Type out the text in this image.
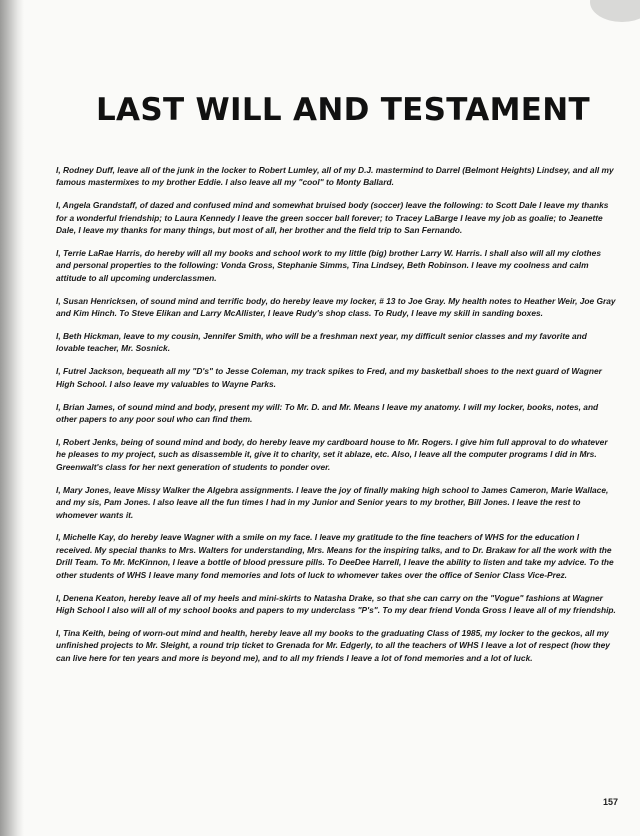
LAST WILL AND TESTAMENT

I, Rodney Duff, leave all of the junk in the locker to Robert Lumley, all of my D.J. mastermind to Darrel (Belmont Heights) Lindsey, and all my famous mastermixes to my brother Eddie. I also leave all my "cool" to Monty Ballard.

I, Angela Grandstaff, of dazed and confused mind and somewhat bruised body (soccer) leave the following: to Scott Dale I leave my thanks for a wonderful friendship; to Laura Kennedy I leave the green soccer ball forever; to Tracey LaBarge I leave my job as goalie; to Jeanette Dale, I leave my thanks for many things, but most of all, her brother and the field trip to San Fernando.

I, Terrie LaRae Harris, do hereby will all my books and school work to my little (big) brother Larry W. Harris. I shall also will all my clothes and personal properties to the following: Vonda Gross, Stephanie Simms, Tina Lindsey, Beth Robinson. I leave my coolness and calm attitude to all upcoming underclassmen.

I, Susan Henricksen, of sound mind and terrific body, do hereby leave my locker, # 13 to Joe Gray. My health notes to Heather Weir, Joe Gray and Kim Hinch. To Steve Elikan and Larry McAllister, I leave Rudy's shop class. To Rudy, I leave my skill in sanding boxes.

I, Beth Hickman, leave to my cousin, Jennifer Smith, who will be a freshman next year, my difficult senior classes and my favorite and lovable teacher, Mr. Sosnick.

I, Futrel Jackson, bequeath all my "D's" to Jesse Coleman, my track spikes to Fred, and my basketball shoes to the next guard of Wagner High School. I also leave my valuables to Wayne Parks.

I, Brian James, of sound mind and body, present my will: To Mr. D. and Mr. Means I leave my anatomy. I will my locker, books, notes, and other papers to any poor soul who can find them.

I, Robert Jenks, being of sound mind and body, do hereby leave my cardboard house to Mr. Rogers. I give him full approval to do whatever he pleases to my project, such as disassemble it, give it to charity, set it ablaze, etc. Also, I leave all the computer programs I did in Mrs. Greenwalt's class for her next generation of students to ponder over.

I, Mary Jones, leave Missy Walker the Algebra assignments. I leave the joy of finally making high school to James Cameron, Marie Wallace, and my sis, Pam Jones. I also leave all the fun times I had in my Junior and Senior years to my brother, Bill Jones. I leave the rest to whomever wants it.

I, Michelle Kay, do hereby leave Wagner with a smile on my face. I leave my gratitude to the fine teachers of WHS for the education I received. My special thanks to Mrs. Walters for understanding, Mrs. Means for the inspiring talks, and to Dr. Brakaw for all the work with the Drill Team. To Mr. McKinnon, I leave a bottle of blood pressure pills. To DeeDee Harrell, I leave the ability to listen and take my advice. To the other students of WHS I leave many fond memories and lots of luck to whomever takes over the office of Senior Class Vice-Prez.

I, Denena Keaton, hereby leave all of my heels and mini-skirts to Natasha Drake, so that she can carry on the "Vogue" fashions at Wagner High School I also will all of my school books and papers to my underclass "P's". To my dear friend Vonda Gross I leave all of my friendship.

I, Tina Keith, being of worn-out mind and health, hereby leave all my books to the graduating Class of 1985, my locker to the geckos, all my unfinished projects to Mr. Sleight, a round trip ticket to Grenada for Mr. Edgerly, to all the teachers of WHS I leave a lot of respect (how they can live here for ten years and more is beyond me), and to all my friends I leave a lot of fond memories and a lot of luck.

157
